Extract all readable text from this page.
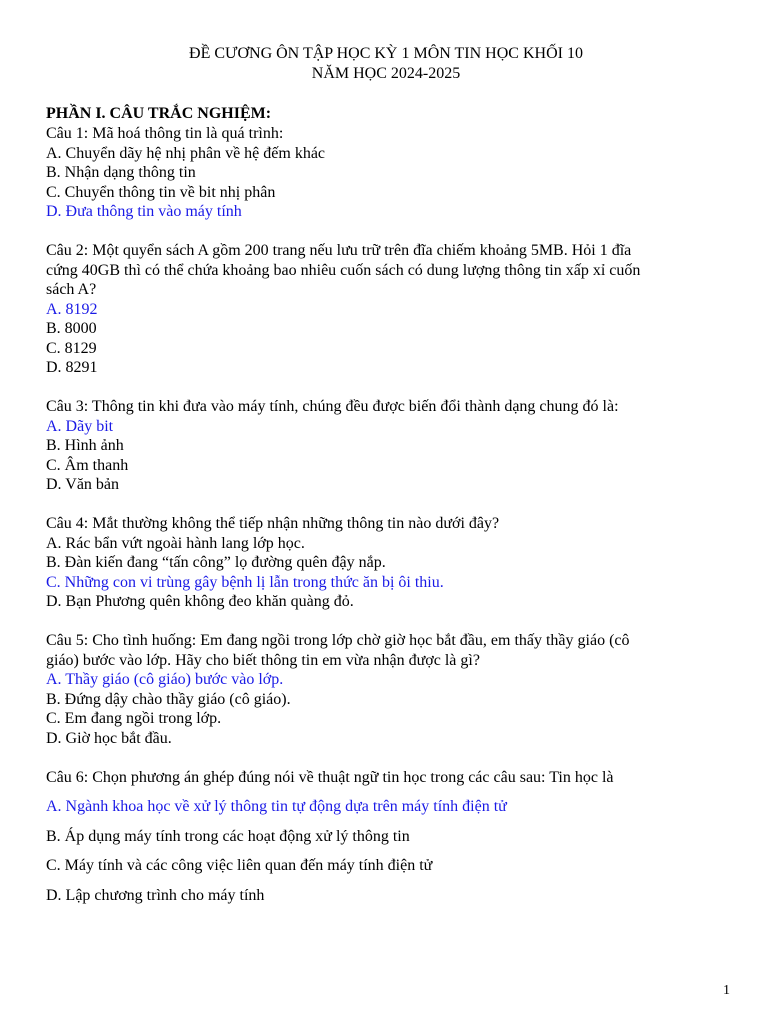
ĐỀ CƯƠNG ÔN TẬP HỌC KỲ 1 MÔN TIN HỌC KHỐI 10

NĂM HỌC 2024-2025

PHẦN I. CÂU TRẮC NGHIỆM:

Câu 1: Mã hoá thông tin là quá trình:

A. Chuyển dãy hệ nhị phân về hệ đếm khác

B. Nhận dạng thông tin

C. Chuyển thông tin về bit nhị phân

D. Đưa thông tin vào máy tính

Câu 2: Một quyển sách A gồm 200 trang nếu lưu trữ trên đĩa chiếm khoảng 5MB. Hỏi 1 đĩa

cứng 40GB thì có thể chứa khoảng bao nhiêu cuốn sách có dung lượng thông tin xấp xỉ cuốn

sách A?

A. 8192

B. 8000

C. 8129

D. 8291

Câu 3: Thông tin khi đưa vào máy tính, chúng đều được biến đổi thành dạng chung đó là:

A. Dãy bit

B. Hình ảnh

C. Âm thanh

D. Văn bản

Câu 4: Mắt thường không thể tiếp nhận những thông tin nào dưới đây?

A. Rác bẩn vứt ngoài hành lang lớp học.

B. Đàn kiến đang “tấn công” lọ đường quên đậy nắp.

C. Những con vi trùng gây bệnh lị lẫn trong thức ăn bị ôi thiu.

D. Bạn Phương quên không đeo khăn quàng đỏ.

Câu 5: Cho tình huống: Em đang ngồi trong lớp chờ giờ học bắt đầu, em thấy thầy giáo (cô

giáo) bước vào lớp. Hãy cho biết thông tin em vừa nhận được là gì?

A. Thầy giáo (cô giáo) bước vào lớp.

B. Đứng dậy chào thầy giáo (cô giáo).

C. Em đang ngồi trong lớp.

D. Giờ học bắt đầu.

Câu 6: Chọn phương án ghép đúng nói về thuật ngữ tin học trong các câu sau: Tin học là

A. Ngành khoa học về xử lý thông tin tự động dựa trên máy tính điện tử

B. Áp dụng máy tính trong các hoạt động xử lý thông tin

C. Máy tính và các công việc liên quan đến máy tính điện tử

D. Lập chương trình cho máy tính

1
